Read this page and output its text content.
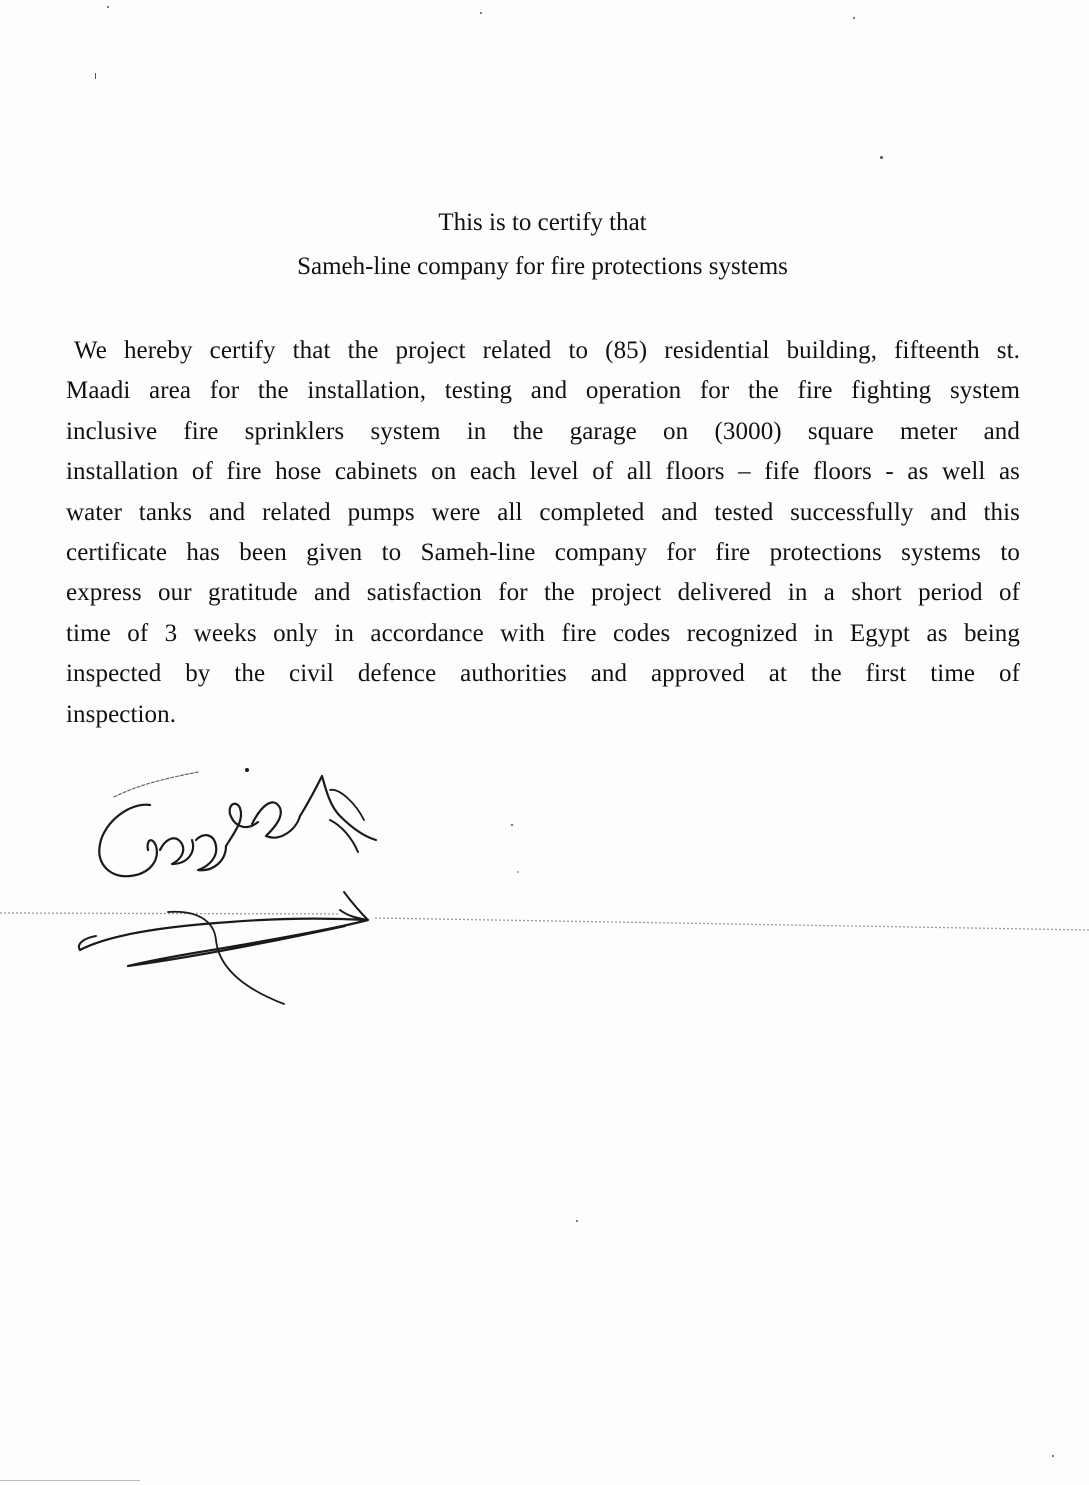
This is to certify that
Sameh-line company for fire protections systems
We hereby certify that the project related to (85) residential building, fifteenth st.
Maadi area for the installation, testing and operation for the fire fighting system
inclusive fire sprinklers system in the garage on (3000) square meter and
installation of fire hose cabinets on each level of all floors – fife floors - as well as
water tanks and related pumps were all completed and tested successfully and this
certificate has been given to Sameh-line company for fire protections systems to
express our gratitude and satisfaction for the project delivered in a short period of
time of 3 weeks only in accordance with fire codes recognized in Egypt as being
inspected by the civil defence authorities and approved at the first time of
inspection.
